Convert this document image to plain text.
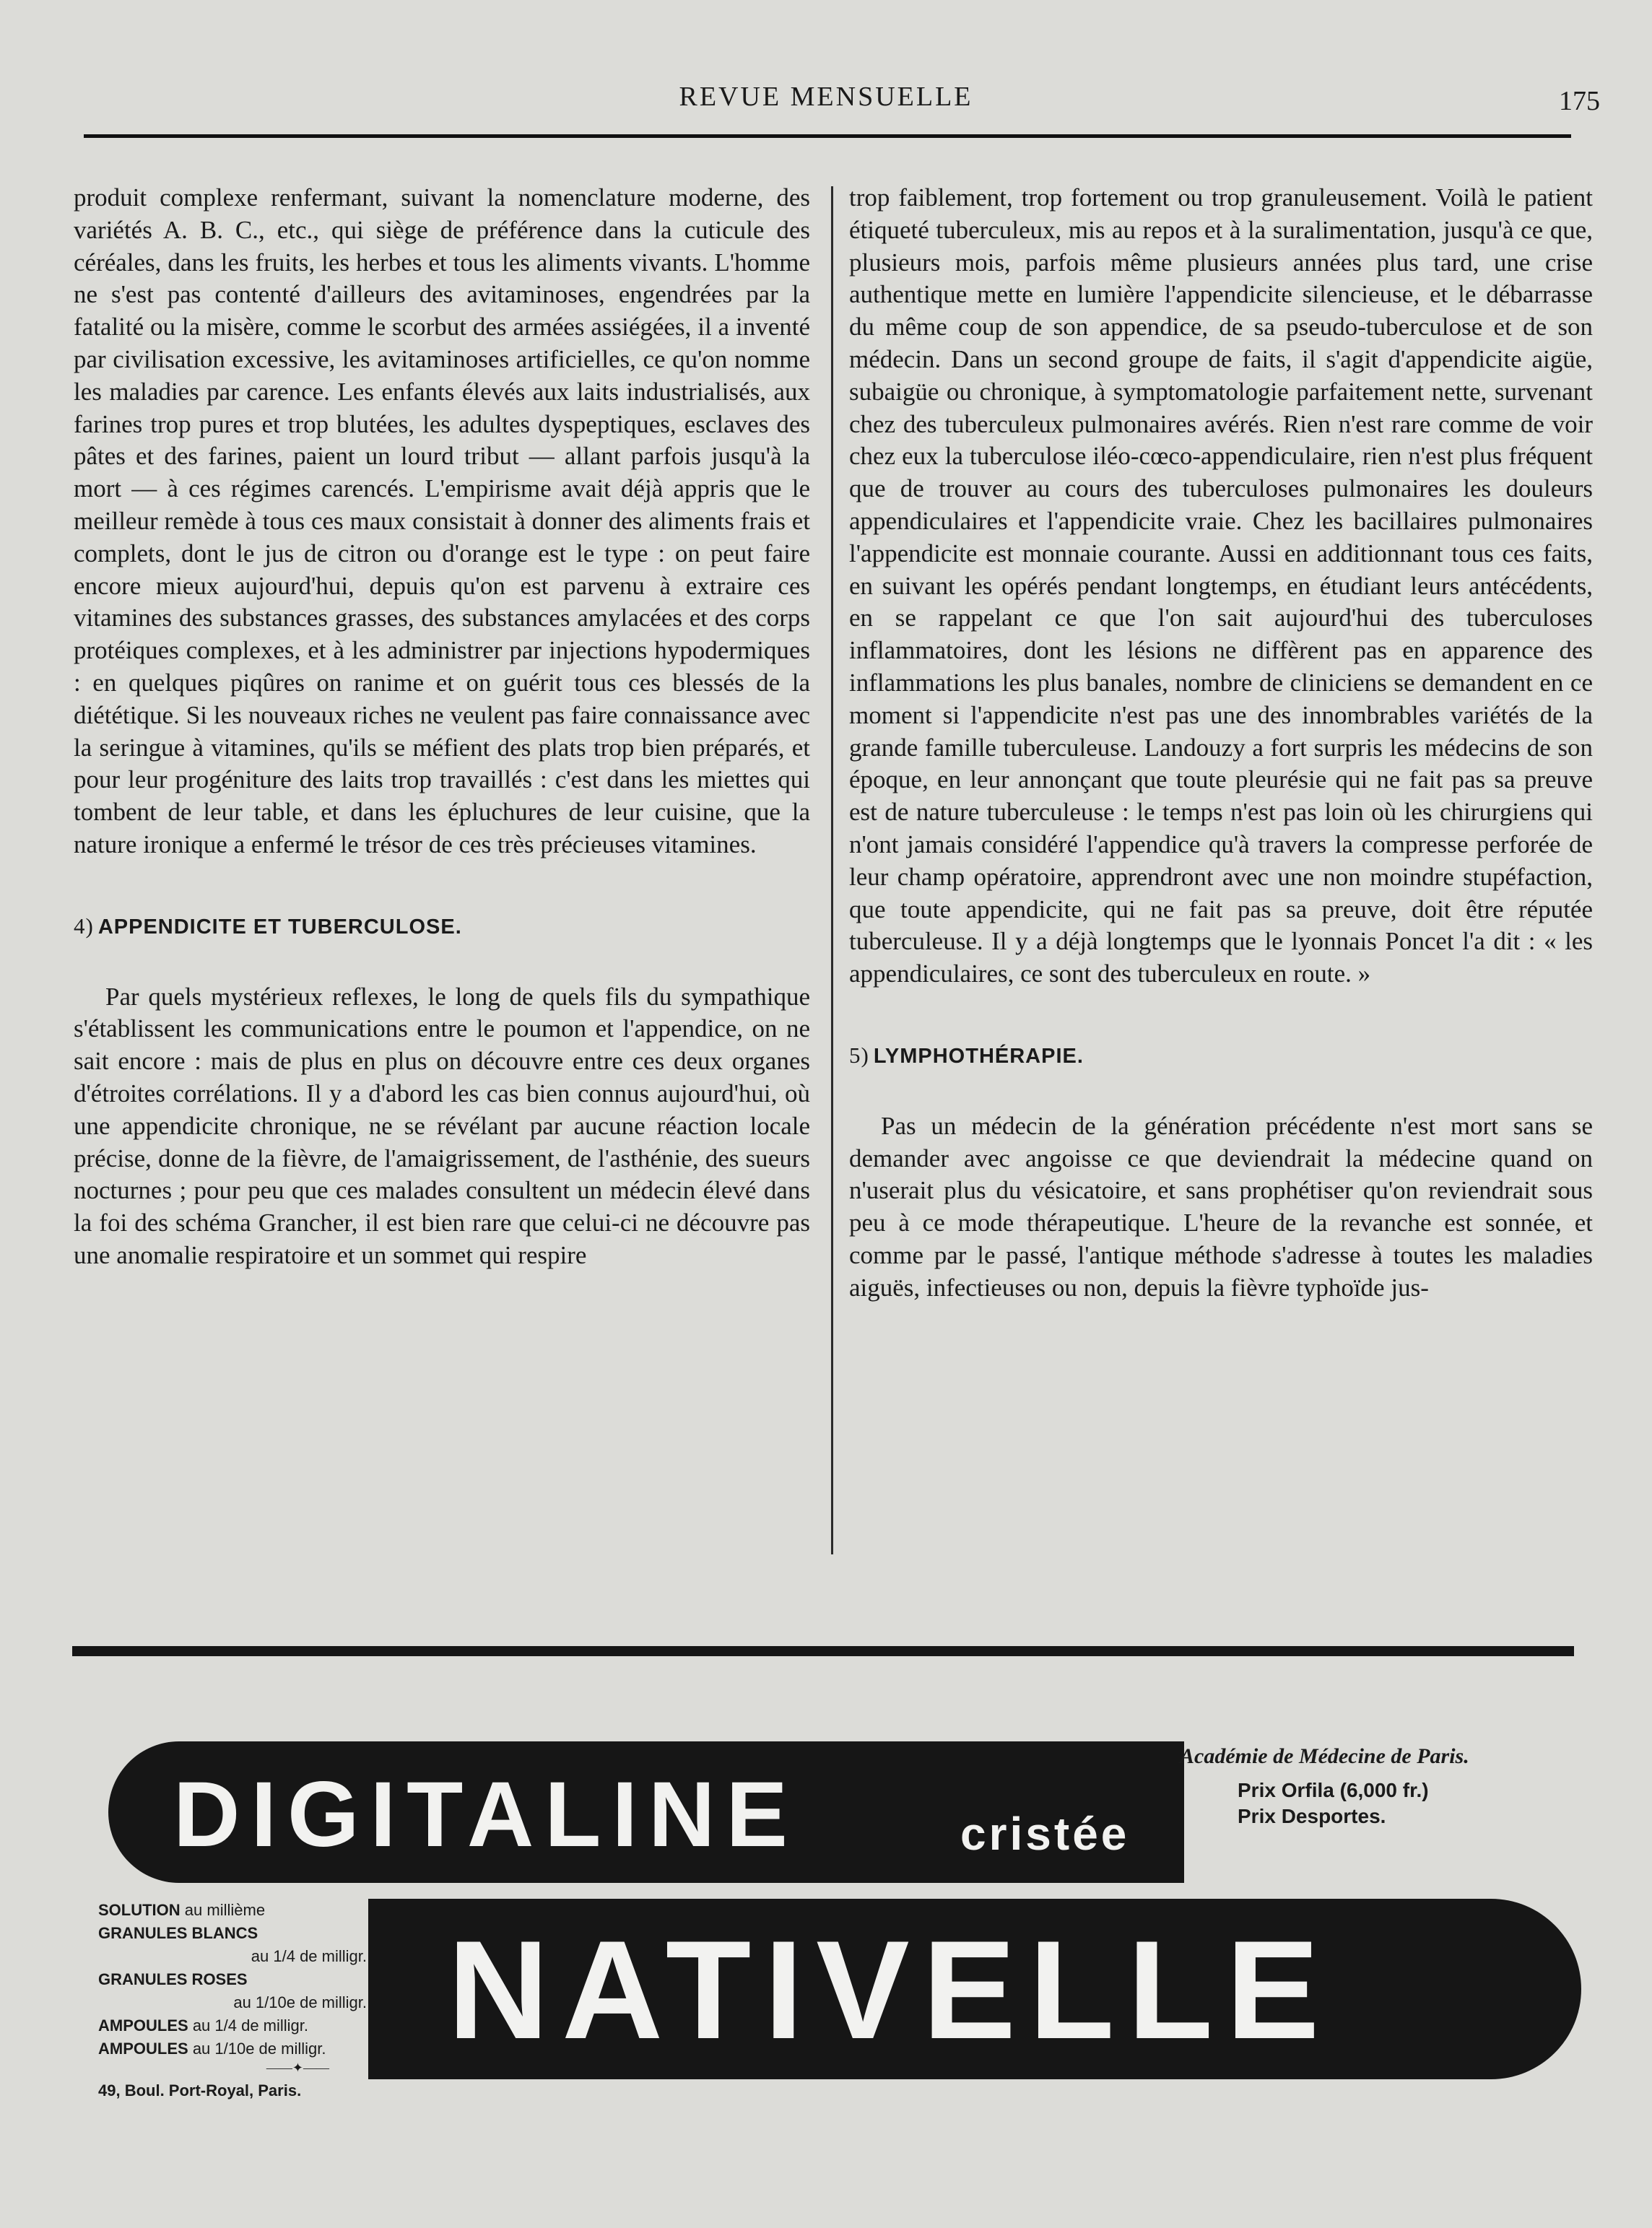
REVUE MENSUELLE	175

produit complexe renfermant, suivant la nomenclature moderne, des variétés A. B. C., etc., qui siège de préférence dans la cuticule des céréales, dans les fruits, les herbes et tous les aliments vivants. L'homme ne s'est pas contenté d'ailleurs des avitaminoses, engendrées par la fatalité ou la misère, comme le scorbut des armées assiégées, il a inventé par civilisation excessive, les avitaminoses artificielles, ce qu'on nomme les maladies par carence. Les enfants élevés aux laits industrialisés, aux farines trop pures et trop blutées, les adultes dyspeptiques, esclaves des pâtes et des farines, paient un lourd tribut — allant parfois jusqu'à la mort — à ces régimes carencés. L'empirisme avait déjà appris que le meilleur remède à tous ces maux consistait à donner des aliments frais et complets, dont le jus de citron ou d'orange est le type : on peut faire encore mieux aujourd'hui, depuis qu'on est parvenu à extraire ces vitamines des substances grasses, des substances amylacées et des corps protéiques complexes, et à les administrer par injections hypodermiques : en quelques piqûres on ranime et on guérit tous ces blessés de la diététique. Si les nouveaux riches ne veulent pas faire connaissance avec la seringue à vitamines, qu'ils se méfient des plats trop bien préparés, et pour leur progéniture des laits trop travaillés : c'est dans les miettes qui tombent de leur table, et dans les épluchures de leur cuisine, que la nature ironique a enfermé le trésor de ces très précieuses vitamines.

4) APPENDICITE ET TUBERCULOSE.

Par quels mystérieux reflexes, le long de quels fils du sympathique s'établissent les communications entre le poumon et l'appendice, on ne sait encore : mais de plus en plus on découvre entre ces deux organes d'étroites corrélations. Il y a d'abord les cas bien connus aujourd'hui, où une appendicite chronique, ne se révélant par aucune réaction locale précise, donne de la fièvre, de l'amaigrissement, de l'asthénie, des sueurs nocturnes ; pour peu que ces malades consultent un médecin élevé dans la foi des schéma Grancher, il est bien rare que celui-ci ne découvre pas une anomalie respiratoire et un sommet qui respire

trop faiblement, trop fortement ou trop granuleusement. Voilà le patient étiqueté tuberculeux, mis au repos et à la suralimentation, jusqu'à ce que, plusieurs mois, parfois même plusieurs années plus tard, une crise authentique mette en lumière l'appendicite silencieuse, et le débarrasse du même coup de son appendice, de sa pseudo-tuberculose et de son médecin. Dans un second groupe de faits, il s'agit d'appendicite aigüe, subaigüe ou chronique, à symptomatologie parfaitement nette, survenant chez des tuberculeux pulmonaires avérés. Rien n'est rare comme de voir chez eux la tuberculose iléo-cœco-appendiculaire, rien n'est plus fréquent que de trouver au cours des tuberculoses pulmonaires les douleurs appendiculaires et l'appendicite vraie. Chez les bacillaires pulmonaires l'appendicite est monnaie courante. Aussi en additionnant tous ces faits, en suivant les opérés pendant longtemps, en étudiant leurs antécédents, en se rappelant ce que l'on sait aujourd'hui des tuberculoses inflammatoires, dont les lésions ne diffèrent pas en apparence des inflammations les plus banales, nombre de cliniciens se demandent en ce moment si l'appendicite n'est pas une des innombrables variétés de la grande famille tuberculeuse. Landouzy a fort surpris les médecins de son époque, en leur annonçant que toute pleurésie qui ne fait pas sa preuve est de nature tuberculeuse : le temps n'est pas loin où les chirurgiens qui n'ont jamais considéré l'appendice qu'à travers la compresse perforée de leur champ opératoire, apprendront avec une non moindre stupéfaction, que toute appendicite, qui ne fait pas sa preuve, doit être réputée tuberculeuse. Il y a déjà longtemps que le lyonnais Poncet l'a dit : « les appendiculaires, ce sont des tuberculeux en route. »

5) LYMPHOTHÉRAPIE.

Pas un médecin de la génération précédente n'est mort sans se demander avec angoisse ce que deviendrait la médecine quand on n'userait plus du vésicatoire, et sans prophétiser qu'on reviendrait sous peu à ce mode thérapeutique. L'heure de la revanche est sonnée, et comme par le passé, l'antique méthode s'adresse à toutes les maladies aiguës, infectieuses ou non, depuis la fièvre typhoïde jus-

DIGITALINE	cristée
NATIVELLE
Académie de Médecine de Paris.
Prix Orfila (6,000 fr.)
Prix Desportes.
SOLUTION au millième
GRANULES BLANCS
au 1/4 de milligr.
GRANULES ROSES
au 1/10e de milligr.
AMPOULES au 1/4 de milligr.
AMPOULES au 1/10e de milligr.
——✦——
49, Boul. Port-Royal, Paris.
